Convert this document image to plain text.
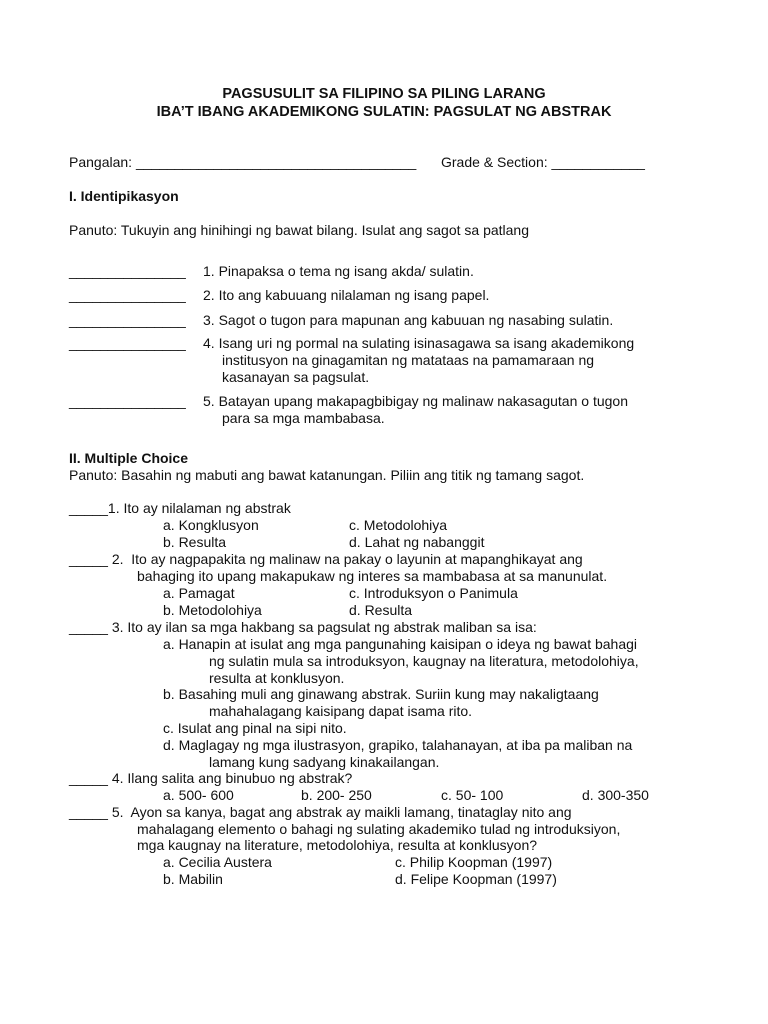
PAGSUSULIT SA FILIPINO SA PILING LARANG
IBA’T IBANG AKADEMIKONG SULATIN: PAGSULAT NG ABSTRAK
Pangalan: ____________________________________ Grade & Section: ____________
I. Identipikasyon
Panuto: Tukuyin ang hinihingi ng bawat bilang. Isulat ang sagot sa patlang
_______________ 1. Pinapaksa o tema ng isang akda/ sulatin.
_______________ 2. Ito ang kabuuang nilalaman ng isang papel.
_______________ 3. Sagot o tugon para mapunan ang kabuuan ng nasabing sulatin.
_______________ 4. Isang uri ng pormal na sulating isinasagawa sa isang akademikong
institusyon na ginagamitan ng matataas na pamamaraan ng
kasanayan sa pagsulat.
_______________ 5. Batayan upang makapagbibigay ng malinaw nakasagutan o tugon
para sa mga mambabasa.
II. Multiple Choice
Panuto: Basahin ng mabuti ang bawat katanungan. Piliin ang titik ng tamang sagot.
_____1. Ito ay nilalaman ng abstrak
a. Kongklusyon	c. Metodolohiya
b. Resulta	d. Lahat ng nabanggit
_____ 2.  Ito ay nagpapakita ng malinaw na pakay o layunin at mapanghikayat ang
bahaging ito upang makapukaw ng interes sa mambabasa at sa manunulat.
a. Pamagat	c. Introduksyon o Panimula
b. Metodolohiya	d. Resulta
_____ 3. Ito ay ilan sa mga hakbang sa pagsulat ng abstrak maliban sa isa:
a. Hanapin at isulat ang mga pangunahing kaisipan o ideya ng bawat bahagi
ng sulatin mula sa introduksyon, kaugnay na literatura, metodolohiya,
resulta at konklusyon.
b. Basahing muli ang ginawang abstrak. Suriin kung may nakaligtaang
mahahalagang kaisipang dapat isama rito.
c. Isulat ang pinal na sipi nito.
d. Maglagay ng mga ilustrasyon, grapiko, talahanayan, at iba pa maliban na
lamang kung sadyang kinakailangan.
_____ 4. Ilang salita ang binubuo ng abstrak?
a. 500- 600	b. 200- 250	c. 50- 100	d. 300-350
_____ 5.  Ayon sa kanya, bagat ang abstrak ay maikli lamang, tinataglay nito ang
mahalagang elemento o bahagi ng sulating akademiko tulad ng introduksiyon,
mga kaugnay na literature, metodolohiya, resulta at konklusyon?
a. Cecilia Austera	c. Philip Koopman (1997)
b. Mabilin	d. Felipe Koopman (1997)
